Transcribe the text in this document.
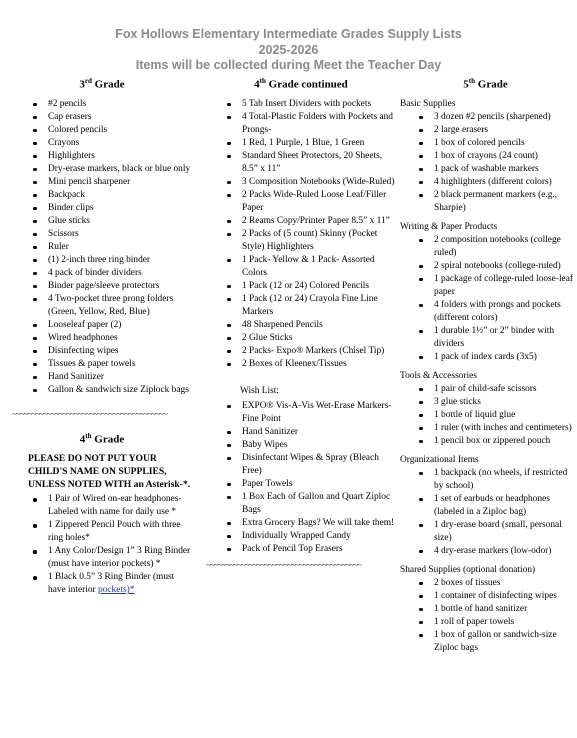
Fox Hollows Elementary Intermediate Grades Supply Lists
2025-2026
Items will be collected during Meet the Teacher Day
3rd Grade
#2 pencils
Cap erasers
Colored pencils
Crayons
Highlighters
Dry-erase markers, black or blue only
Mini pencil sharpener
Backpack
Binder clips
Glue sticks
Scissors
Ruler
(1) 2-inch three ring binder
4 pack of binder dividers
Binder page/sleeve protectors
4 Two-pocket three prong folders (Green, Yellow, Red, Blue)
Looseleaf paper (2)
Wired headphones
Disinfecting wipes
Tissues & paper towels
Hand Sanitizer
Gallon & sandwich size Ziplock bags
~~~~~~~~~~~~~~~~~~~~~~~~~~~~~~~~~~~~~~~~
4th Grade
PLEASE DO NOT PUT YOUR CHILD'S NAME ON SUPPLIES, UNLESS NOTED WITH an Asterisk-*.
1 Pair of Wired on-ear headphones- Labeled with name for daily use *
1 Zippered Pencil Pouch with three ring holes*
1 Any Color/Design 1” 3 Ring Binder (must have interior pockets) *
1 Black 0.5” 3 Ring Binder (must have interior pockets)*
4th Grade continued
5 Tab Insert Dividers with pockets
4 Total-Plastic Folders with Pockets and Prongs-
1 Red, 1 Purple, 1 Blue, 1 Green
Standard Sheet Protectors, 20 Sheets, 8.5” x 11”
3 Composition Notebooks (Wide-Ruled)
2 Packs Wide-Ruled Loose Leaf/Filler Paper
2 Reams Copy/Printer Paper 8.5” x 11”
2 Packs of (5 count) Skinny (Pocket Style) Highlighters
1 Pack- Yellow & 1 Pack- Assorted Colors
1 Pack (12 or 24) Colored Pencils
1 Pack (12 or 24) Crayola Fine Line Markers
48 Sharpened Pencils
2 Glue Sticks
2 Packs- Expo® Markers (Chisel Tip)
2 Boxes of Kleenex/Tissues
Wish List:
EXPO® Vis-A-Vis Wet-Erase Markers- Fine Point
Hand Sanitizer
Baby Wipes
Disinfectant Wipes & Spray (Bleach Free)
Paper Towels
1 Box Each of Gallon and Quart Ziploc Bags
Extra Grocery Bags? We will take them!
Individually Wrapped Candy
Pack of Pencil Top Erasers
~~~~~~~~~~~~~~~~~~~~~~~~~~~~~~~~~~~~~~~~
5th Grade
Basic Supplies
3 dozen #2 pencils (sharpened)
2 large erasers
1 box of colored pencils
1 box of crayons (24 count)
1 pack of washable markers
4 highlighters (different colors)
2 black permanent markers (e.g., Sharpie)
Writing & Paper Products
2 composition notebooks (college ruled)
2 spiral notebooks (college-ruled)
1 package of college-ruled loose-leaf paper
4 folders with prongs and pockets (different colors)
1 durable 1½” or 2” binder with dividers
1 pack of index cards (3x5)
Tools & Accessories
1 pair of child-safe scissors
3 glue sticks
1 bottle of liquid glue
1 ruler (with inches and centimeters)
1 pencil box or zippered pouch
Organizational Items
1 backpack (no wheels, if restricted by school)
1 set of earbuds or headphones (labeled in a Ziploc bag)
1 dry-erase board (small, personal size)
4 dry-erase markers (low-odor)
Shared Supplies (optional donation)
2 boxes of tissues
1 container of disinfecting wipes
1 bottle of hand sanitizer
1 roll of paper towels
1 box of gallon or sandwich-size Ziploc bags
